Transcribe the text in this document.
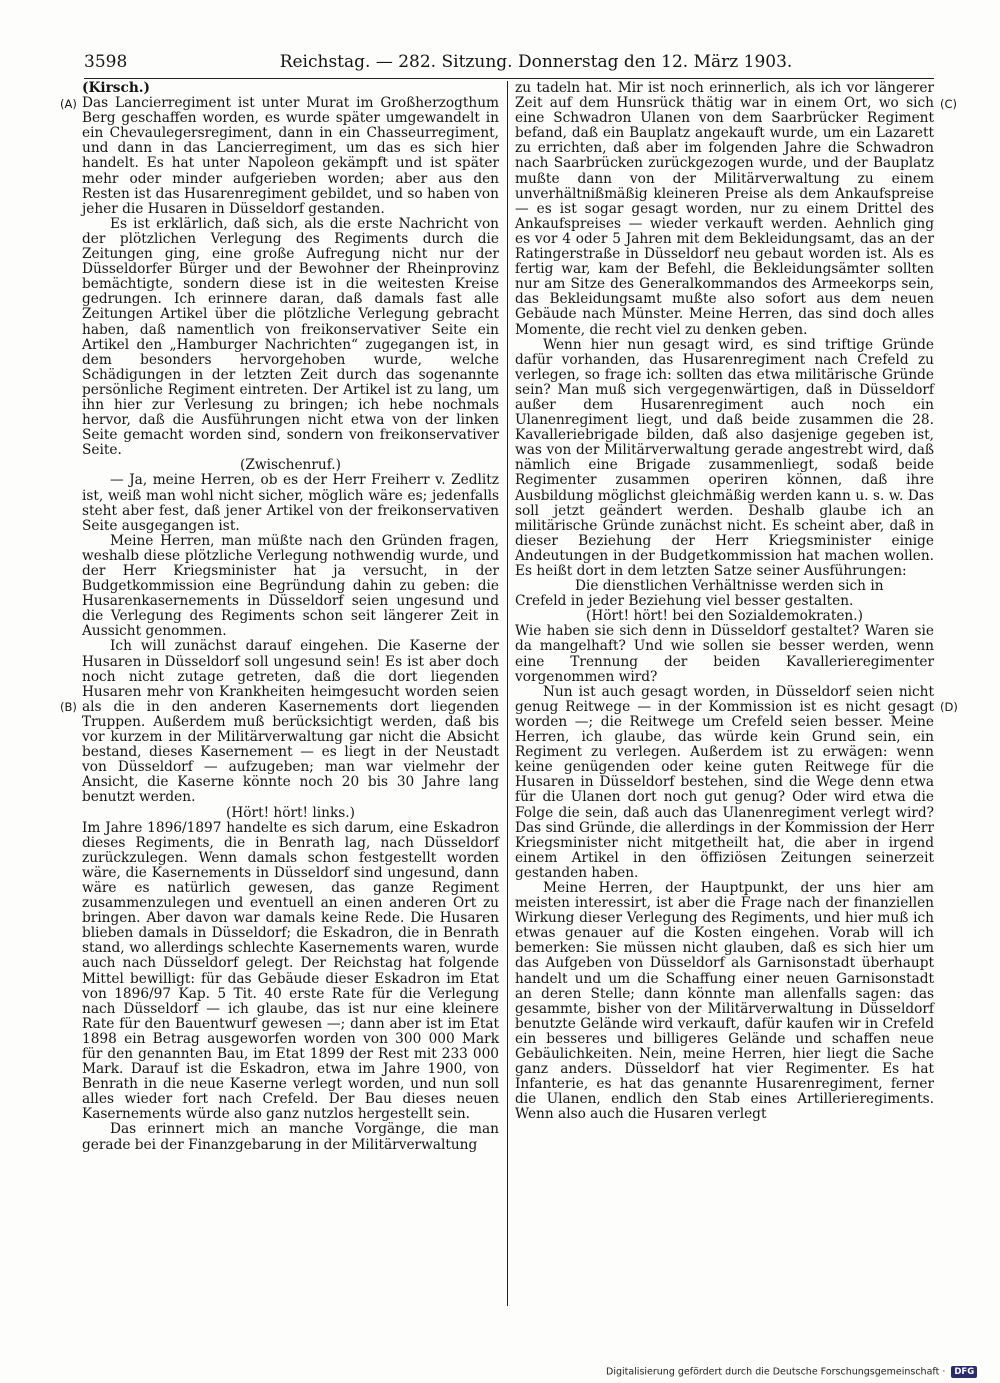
3598	Reichstag. — 282. Sitzung. Donnerstag den 12. März 1903.
(A)
(B)
(C)
(D)

(Kirsch.)

Das Lancierregiment ist unter Murat im Großherzogthum Berg geschaffen worden, es wurde später umgewandelt in ein Chevaulegersregiment, dann in ein Chasseurregiment, und dann in das Lancierregiment, um das es sich hier handelt. Es hat unter Napoleon gekämpft und ist später mehr oder minder aufgerieben worden; aber aus den Resten ist das Husarenregiment gebildet, und so haben von jeher die Husaren in Düsseldorf gestanden.

Es ist erklärlich, daß sich, als die erste Nachricht von der plötzlichen Verlegung des Regiments durch die Zeitungen ging, eine große Aufregung nicht nur der Düsseldorfer Bürger und der Bewohner der Rheinprovinz bemächtigte, sondern diese ist in die weitesten Kreise gedrungen. Ich erinnere daran, daß damals fast alle Zeitungen Artikel über die plötzliche Verlegung gebracht haben, daß namentlich von freikonservativer Seite ein Artikel den „Hamburger Nachrichten“ zugegangen ist, in dem besonders hervorgehoben wurde, welche Schädigungen in der letzten Zeit durch das sogenannte persönliche Regiment eintreten. Der Artikel ist zu lang, um ihn hier zur Verlesung zu bringen; ich hebe nochmals hervor, daß die Ausführungen nicht etwa von der linken Seite gemacht worden sind, sondern von freikonservativer Seite.

(Zwischenruf.)

— Ja, meine Herren, ob es der Herr Freiherr v. Zedlitz ist, weiß man wohl nicht sicher, möglich wäre es; jedenfalls steht aber fest, daß jener Artikel von der freikonservativen Seite ausgegangen ist.

Meine Herren, man müßte nach den Gründen fragen, weshalb diese plötzliche Verlegung nothwendig wurde, und der Herr Kriegsminister hat ja versucht, in der Budgetkommission eine Begründung dahin zu geben: die Husarenkasernements in Düsseldorf seien ungesund und die Verlegung des Regiments schon seit längerer Zeit in Aussicht genommen.

Ich will zunächst darauf eingehen. Die Kaserne der Husaren in Düsseldorf soll ungesund sein! Es ist aber doch noch nicht zutage getreten, daß die dort liegenden Husaren mehr von Krankheiten heimgesucht worden seien als die in den anderen Kasernements dort liegenden Truppen. Außerdem muß berücksichtigt werden, daß bis vor kurzem in der Militärverwaltung gar nicht die Absicht bestand, dieses Kasernement — es liegt in der Neustadt von Düsseldorf — aufzugeben; man war vielmehr der Ansicht, die Kaserne könnte noch 20 bis 30 Jahre lang benutzt werden.

(Hört! hört! links.)

Im Jahre 1896/1897 handelte es sich darum, eine Eskadron dieses Regiments, die in Benrath lag, nach Düsseldorf zurückzulegen. Wenn damals schon festgestellt worden wäre, die Kasernements in Düsseldorf sind ungesund, dann wäre es natürlich gewesen, das ganze Regiment zusammenzulegen und eventuell an einen anderen Ort zu bringen. Aber davon war damals keine Rede. Die Husaren blieben damals in Düsseldorf; die Eskadron, die in Benrath stand, wo allerdings schlechte Kasernements waren, wurde auch nach Düsseldorf gelegt. Der Reichstag hat folgende Mittel bewilligt: für das Gebäude dieser Eskadron im Etat von 1896/97 Kap. 5 Tit. 40 erste Rate für die Verlegung nach Düsseldorf — ich glaube, das ist nur eine kleinere Rate für den Bauentwurf gewesen —; dann aber ist im Etat 1898 ein Betrag ausgeworfen worden von 300 000 Mark für den genannten Bau, im Etat 1899 der Rest mit 233 000 Mark. Darauf ist die Eskadron, etwa im Jahre 1900, von Benrath in die neue Kaserne verlegt worden, und nun soll alles wieder fort nach Crefeld. Der Bau dieses neuen Kasernements würde also ganz nutzlos hergestellt sein.

Das erinnert mich an manche Vorgänge, die man gerade bei der Finanzgebarung in der Militärverwaltung

zu tadeln hat. Mir ist noch erinnerlich, als ich vor längerer Zeit auf dem Hunsrück thätig war in einem Ort, wo sich eine Schwadron Ulanen von dem Saarbrücker Regiment befand, daß ein Bauplatz angekauft wurde, um ein Lazarett zu errichten, daß aber im folgenden Jahre die Schwadron nach Saarbrücken zurückgezogen wurde, und der Bauplatz mußte dann von der Militärverwaltung zu einem unverhältnißmäßig kleineren Preise als dem Ankaufspreise — es ist sogar gesagt worden, nur zu einem Drittel des Ankaufspreises — wieder verkauft werden. Aehnlich ging es vor 4 oder 5 Jahren mit dem Bekleidungsamt, das an der Ratingerstraße in Düsseldorf neu gebaut worden ist. Als es fertig war, kam der Befehl, die Bekleidungsämter sollten nur am Sitze des Generalkommandos des Armeekorps sein, das Bekleidungsamt mußte also sofort aus dem neuen Gebäude nach Münster. Meine Herren, das sind doch alles Momente, die recht viel zu denken geben.

Wenn hier nun gesagt wird, es sind triftige Gründe dafür vorhanden, das Husarenregiment nach Crefeld zu verlegen, so frage ich: sollten das etwa militärische Gründe sein? Man muß sich vergegenwärtigen, daß in Düsseldorf außer dem Husarenregiment auch noch ein Ulanenregiment liegt, und daß beide zusammen die 28. Kavalleriebrigade bilden, daß also dasjenige gegeben ist, was von der Militärverwaltung gerade angestrebt wird, daß nämlich eine Brigade zusammenliegt, sodaß beide Regimenter zusammen operiren können, daß ihre Ausbildung möglichst gleichmäßig werden kann u. s. w. Das soll jetzt geändert werden. Deshalb glaube ich an militärische Gründe zunächst nicht. Es scheint aber, daß in dieser Beziehung der Herr Kriegsminister einige Andeutungen in der Budgetkommission hat machen wollen. Es heißt dort in dem letzten Satze seiner Ausführungen:

Die dienstlichen Verhältnisse werden sich in Crefeld in jeder Beziehung viel besser gestalten.

(Hört! hört! bei den Sozialdemokraten.)

Wie haben sie sich denn in Düsseldorf gestaltet? Waren sie da mangelhaft? Und wie sollen sie besser werden, wenn eine Trennung der beiden Kavallerieregimenter vorgenommen wird?

Nun ist auch gesagt worden, in Düsseldorf seien nicht genug Reitwege — in der Kommission ist es nicht gesagt worden —; die Reitwege um Crefeld seien besser. Meine Herren, ich glaube, das würde kein Grund sein, ein Regiment zu verlegen. Außerdem ist zu erwägen: wenn keine genügenden oder keine guten Reitwege für die Husaren in Düsseldorf bestehen, sind die Wege denn etwa für die Ulanen dort noch gut genug? Oder wird etwa die Folge die sein, daß auch das Ulanenregiment verlegt wird? Das sind Gründe, die allerdings in der Kommission der Herr Kriegsminister nicht mitgetheilt hat, die aber in irgend einem Artikel in den öffiziösen Zeitungen seinerzeit gestanden haben.

Meine Herren, der Hauptpunkt, der uns hier am meisten interessirt, ist aber die Frage nach der finanziellen Wirkung dieser Verlegung des Regiments, und hier muß ich etwas genauer auf die Kosten eingehen. Vorab will ich bemerken: Sie müssen nicht glauben, daß es sich hier um das Aufgeben von Düsseldorf als Garnisonstadt überhaupt handelt und um die Schaffung einer neuen Garnisonstadt an deren Stelle; dann könnte man allenfalls sagen: das gesammte, bisher von der Militärverwaltung in Düsseldorf benutzte Gelände wird verkauft, dafür kaufen wir in Crefeld ein besseres und billigeres Gelände und schaffen neue Gebäulichkeiten. Nein, meine Herren, hier liegt die Sache ganz anders. Düsseldorf hat vier Regimenter. Es hat Infanterie, es hat das genannte Husarenregiment, ferner die Ulanen, endlich den Stab eines Artillerieregiments. Wenn also auch die Husaren verlegt

Digitalisierung gefördert durch die Deutsche Forschungsgemeinschaft · DFG
